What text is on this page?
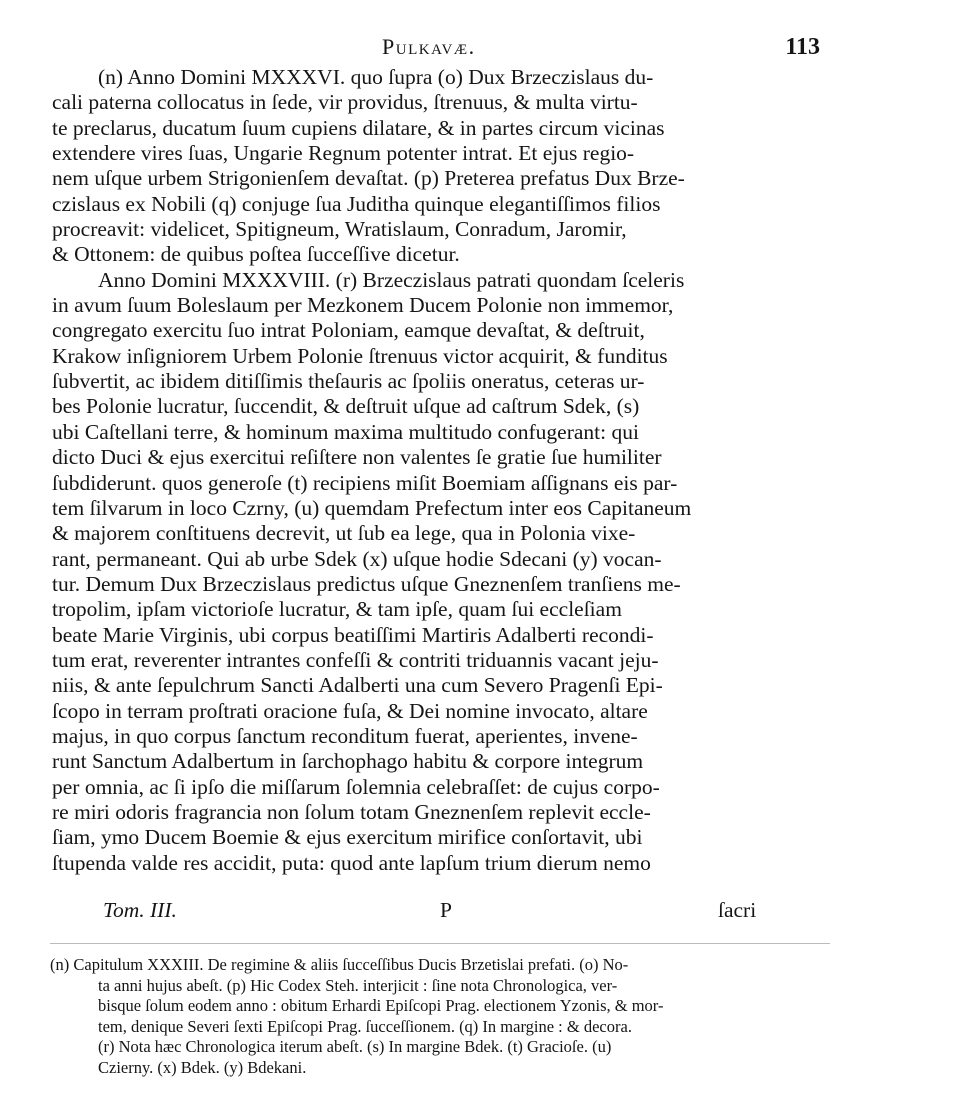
Pulkavæ.	113
(n) Anno Domini MXXXVI. quo ſupra (o) Dux Brzeczislaus du-
cali paterna collocatus in ſede, vir providus, ſtrenuus, & multa virtu-
te preclarus, ducatum ſuum cupiens dilatare, & in partes circum vicinas
extendere vires ſuas, Ungarie Regnum potenter intrat. Et ejus regio-
nem uſque urbem Strigonienſem devaſtat. (p) Preterea prefatus Dux Brze-
czislaus ex Nobili (q) conjuge ſua Juditha quinque elegantiſſimos filios
procreavit: videlicet, Spitigneum, Wratislaum, Conradum, Jaromir,
& Ottonem: de quibus poſtea ſucceſſive dicetur.
Anno Domini MXXXVIII. (r) Brzeczislaus patrati quondam ſceleris
in avum ſuum Boleslaum per Mezkonem Ducem Polonie non immemor,
congregato exercitu ſuo intrat Poloniam, eamque devaſtat, & deſtruit,
Krakow inſigniorem Urbem Polonie ſtrenuus victor acquirit, & funditus
ſubvertit, ac ibidem ditiſſimis theſauris ac ſpoliis oneratus, ceteras ur-
bes Polonie lucratur, ſuccendit, & deſtruit uſque ad caſtrum Sdek, (s)
ubi Caſtellani terre, & hominum maxima multitudo confugerant: qui
dicto Duci & ejus exercitui reſiſtere non valentes ſe gratie ſue humiliter
ſubdiderunt. quos generoſe (t) recipiens miſit Boemiam aſſignans eis par-
tem ſilvarum in loco Czrny, (u) quemdam Prefectum inter eos Capitaneum
& majorem conſtituens decrevit, ut ſub ea lege, qua in Polonia vixe-
rant, permaneant. Qui ab urbe Sdek (x) uſque hodie Sdecani (y) vocan-
tur. Demum Dux Brzeczislaus predictus uſque Gneznenſem tranſiens me-
tropolim, ipſam victorioſe lucratur, & tam ipſe, quam ſui eccleſiam
beate Marie Virginis, ubi corpus beatiſſimi Martiris Adalberti recondi-
tum erat, reverenter intrantes confeſſi & contriti triduannis vacant jeju-
niis, & ante ſepulchrum Sancti Adalberti una cum Severo Pragenſi Epi-
ſcopo in terram proſtrati oracione fuſa, & Dei nomine invocato, altare
majus, in quo corpus ſanctum reconditum fuerat, aperientes, invene-
runt Sanctum Adalbertum in ſarchophago habitu & corpore integrum
per omnia, ac ſi ipſo die miſſarum ſolemnia celebraſſet: de cujus corpo-
re miri odoris fragrancia non ſolum totam Gneznenſem replevit eccle-
ſiam, ymo Ducem Boemie & ejus exercitum mirifice conſortavit, ubi
ſtupenda valde res accidit, puta: quod ante lapſum trium dierum nemo
Tom. III.	P	ſacri
(n) Capitulum XXXIII. De regimine & aliis ſucceſſibus Ducis Brzetislai prefati. (o) No-
ta anni hujus abeſt. (p) Hic Codex Steh. interjicit : ſine nota Chronologica, ver-
bisque ſolum eodem anno : obitum Erhardi Epiſcopi Prag. electionem Yzonis, & mor-
tem, denique Severi ſexti Epiſcopi Prag. ſucceſſionem. (q) In margine : & decora.
(r) Nota hæc Chronologica iterum abeſt. (s) In margine Bdek. (t) Gracioſe. (u)
Czierny. (x) Bdek. (y) Bdekani.
